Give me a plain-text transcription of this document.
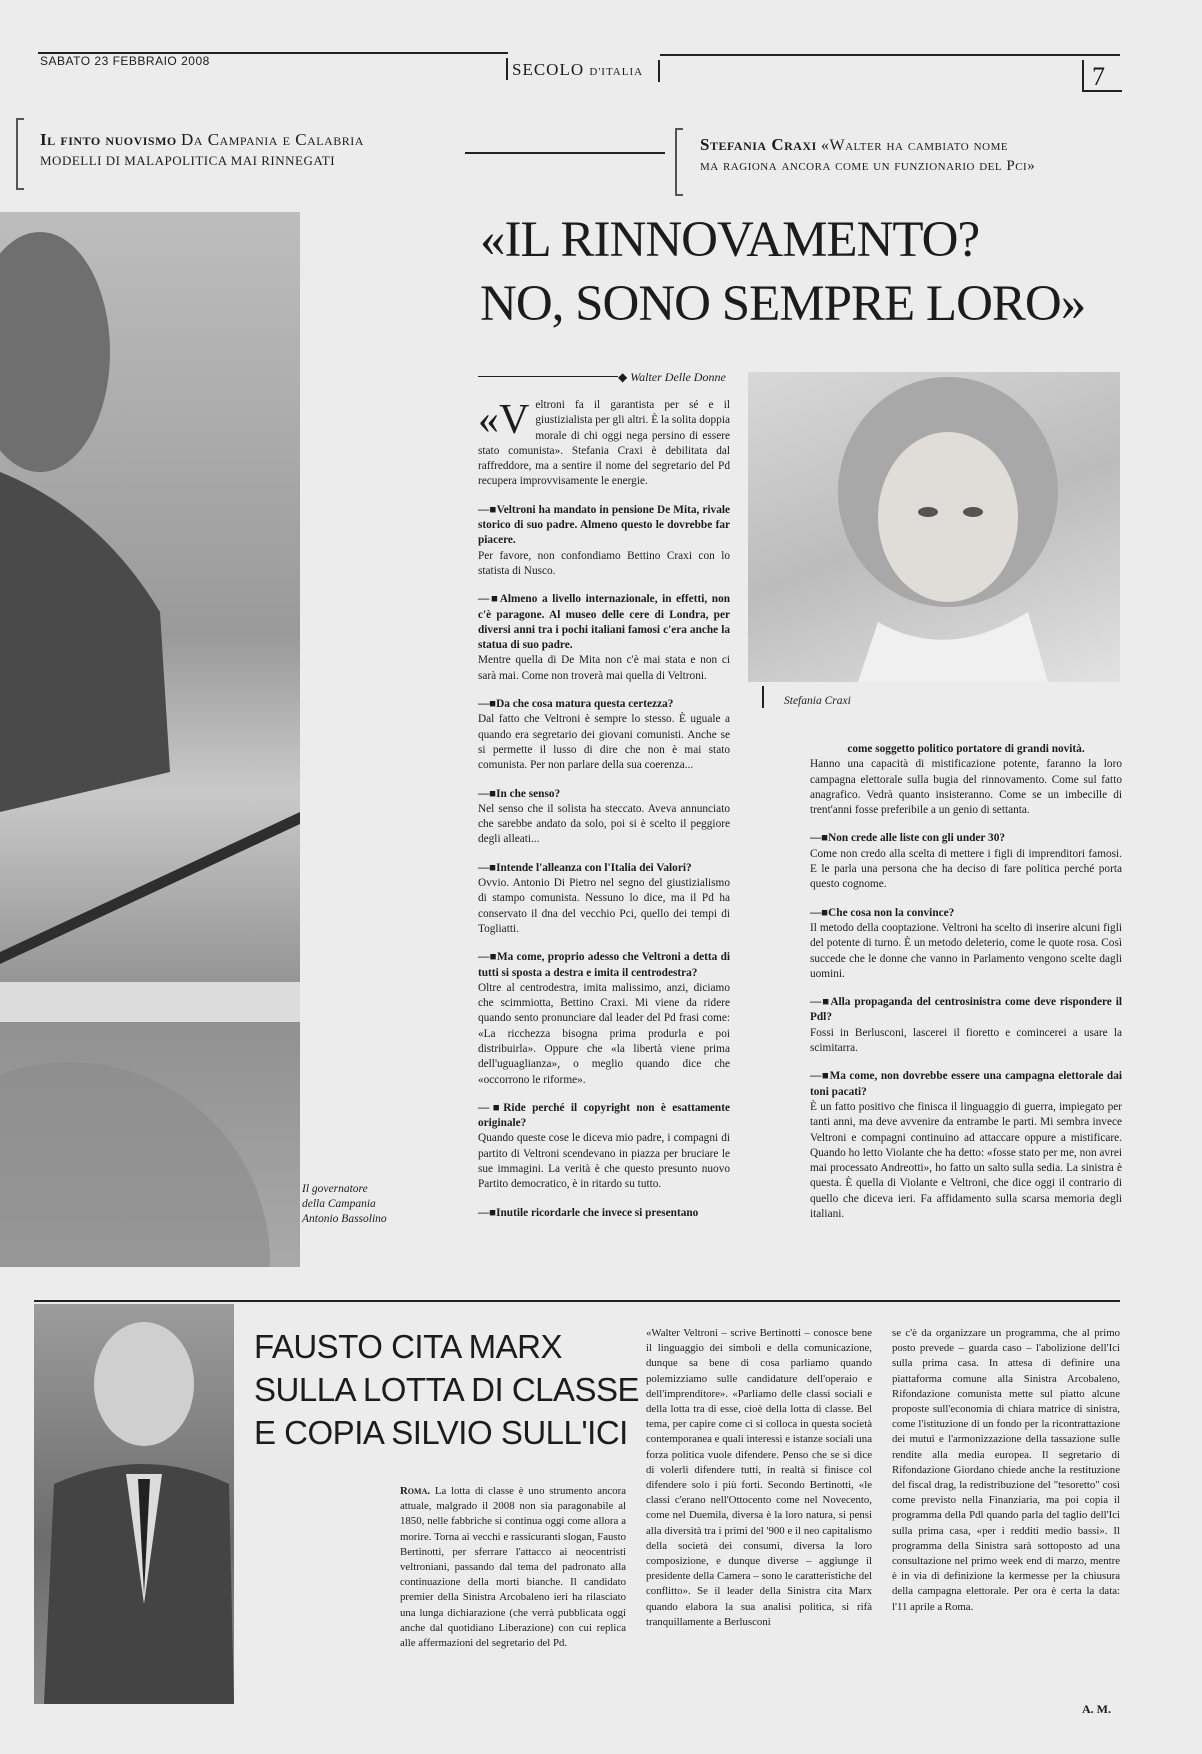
SABATO 23 FEBBRAIO 2008	SECOLO D'ITALIA	7
Il finto nuovismo Da Campania e Calabria
MODELLI DI MALAPOLITICA MAI RINNEGATI
Stefania Craxi «Walter ha cambiato nome
ma ragiona ancora come un funzionario del Pci»
«IL RINNOVAMENTO?
NO, SONO SEMPRE LORO»
Il governatore
della Campania
Antonio Bassolino
◆ Walter Delle Donne
Stefania Craxi

«Veltroni fa il garantista per sé e il giustizialista per gli altri. È la solita doppia morale di chi oggi nega persino di essere stato comunista». Stefania Craxi è debilitata dal raffreddore, ma a sentire il nome del segretario del Pd recupera improvvisamente le energie.

—■ Veltroni ha mandato in pensione De Mita, rivale storico di suo padre. Almeno questo le dovrebbe far piacere.

Per favore, non confondiamo Bettino Craxi con lo statista di Nusco.

—■ Almeno a livello internazionale, in effetti, non c'è paragone. Al museo delle cere di Londra, per diversi anni tra i pochi italiani famosi c'era anche la statua di suo padre.

Mentre quella di De Mita non c'è mai stata e non ci sarà mai. Come non troverà mai quella di Veltroni.

—■ Da che cosa matura questa certezza?

Dal fatto che Veltroni è sempre lo stesso. È uguale a quando era segretario dei giovani comunisti. Anche se si permette il lusso di dire che non è mai stato comunista. Per non parlare della sua coerenza...

—■ In che senso?

Nel senso che il solista ha steccato. Aveva annunciato che sarebbe andato da solo, poi si è scelto il peggiore degli alleati...

—■ Intende l'alleanza con l'Italia dei Valori?

Ovvio. Antonio Di Pietro nel segno del giustizialismo di stampo comunista. Nessuno lo dice, ma il Pd ha conservato il dna del vecchio Pci, quello dei tempi di Togliatti.

—■ Ma come, proprio adesso che Veltroni a detta di tutti si sposta a destra e imita il centrodestra?

Oltre al centrodestra, imita malissimo, anzi, diciamo che scimmiotta, Bettino Craxi. Mi viene da ridere quando sento pronunciare dal leader del Pd frasi come: «La ricchezza bisogna prima produrla e poi distribuirla». Oppure che «la libertà viene prima dell'uguaglianza», o meglio quando dice che «occorrono le riforme».

—■ Ride perché il copyright non è esattamente originale?

Quando queste cose le diceva mio padre, i compagni di partito di Veltroni scendevano in piazza per bruciare le sue immagini. La verità è che questo presunto nuovo Partito democratico, è in ritardo su tutto.

—■ Inutile ricordarle che invece si presentano

come soggetto politico portatore di grandi novità.

Hanno una capacità di mistificazione potente, faranno la loro campagna elettorale sulla bugia del rinnovamento. Come sul fatto anagrafico. Vedrà quanto insisteranno. Come se un imbecille di trent'anni fosse preferibile a un genio di settanta.

—■ Non crede alle liste con gli under 30?

Come non credo alla scelta di mettere i figli di imprenditori famosi. E le parla una persona che ha deciso di fare politica perché porta questo cognome.

—■ Che cosa non la convince?

Il metodo della cooptazione. Veltroni ha scelto di inserire alcuni figli del potente di turno. È un metodo deleterio, come le quote rosa. Così succede che le donne che vanno in Parlamento vengono scelte dagli uomini.

—■ Alla propaganda del centrosinistra come deve rispondere il Pdl?

Fossi in Berlusconi, lascerei il fioretto e comincerei a usare la scimitarra.

—■ Ma come, non dovrebbe essere una campagna elettorale dai toni pacati?

È un fatto positivo che finisca il linguaggio di guerra, impiegato per tanti anni, ma deve avvenire da entrambe le parti. Mi sembra invece Veltroni e compagni continuino ad attaccare oppure a mistificare. Quando ho letto Violante che ha detto: «fosse stato per me, non avrei mai processato Andreotti», ho fatto un salto sulla sedia. La sinistra è questa. È quella di Violante e Veltroni, che dice oggi il contrario di quello che diceva ieri. Fa affidamento sulla scarsa memoria degli italiani.

FAUSTO CITA MARX
SULLA LOTTA DI CLASSE
E COPIA SILVIO SULL'ICI
Roma. La lotta di classe è uno strumento ancora attuale, malgrado il 2008 non sia paragonabile al 1850, nelle fabbriche si continua oggi come allora a morire. Torna ai vecchi e rassicuranti slogan, Fausto Bertinotti, per sferrare l'attacco ai neocentristi veltroniani, passando dal tema del padronato alla continuazione della morti bianche. Il candidato premier della Sinistra Arcobaleno ieri ha rilasciato una lunga dichiarazione (che verrà pubblicata oggi anche dal quotidiano Liberazione) con cui replica alle affermazioni del segretario del Pd.
«Walter Veltroni – scrive Bertinotti – conosce bene il linguaggio dei simboli e della comunicazione, dunque sa bene di cosa parliamo quando polemizziamo sulle candidature dell'operaio e dell'imprenditore». «Parliamo delle classi sociali e della lotta tra di esse, cioè della lotta di classe. Bel tema, per capire come ci si colloca in questa società contemporanea e quali interessi e istanze sociali una forza politica vuole difendere. Penso che se si dice di volerli difendere tutti, in realtà si finisce col difendere solo i più forti. Secondo Bertinotti, «le classi c'erano nell'Ottocento come nel Novecento, come nel Duemila, diversa è la loro natura, si pensi alla diversità tra i primi del '900 e il neo capitalismo della società dei consumi, diversa la loro composizione, e dunque diverse – aggiunge il presidente della Camera – sono le caratteristiche del conflitto». Se il leader della Sinistra cita Marx quando elabora la sua analisi politica, si rifà tranquillamente a Berlusconi
se c'è da organizzare un programma, che al primo posto prevede – guarda caso – l'abolizione dell'Ici sulla prima casa. In attesa di definire una piattaforma comune alla Sinistra Arcobaleno, Rifondazione comunista mette sul piatto alcune proposte sull'economia di chiara matrice di sinistra, come l'istituzione di un fondo per la ricontrattazione dei mutui e l'armonizzazione della tassazione sulle rendite alla media europea. Il segretario di Rifondazione Giordano chiede anche la restituzione del fiscal drag, la redistribuzione del "tesoretto" così come previsto nella Finanziaria, ma poi copia il programma della Pdl quando parla del taglio dell'Ici sulla prima casa, «per i redditi medio bassi». Il programma della Sinistra sarà sottoposto ad una consultazione nel primo week end di marzo, mentre è in via di definizione la kermesse per la chiusura della campagna elettorale. Per ora è certa la data: l'11 aprile a Roma.
A. M.
